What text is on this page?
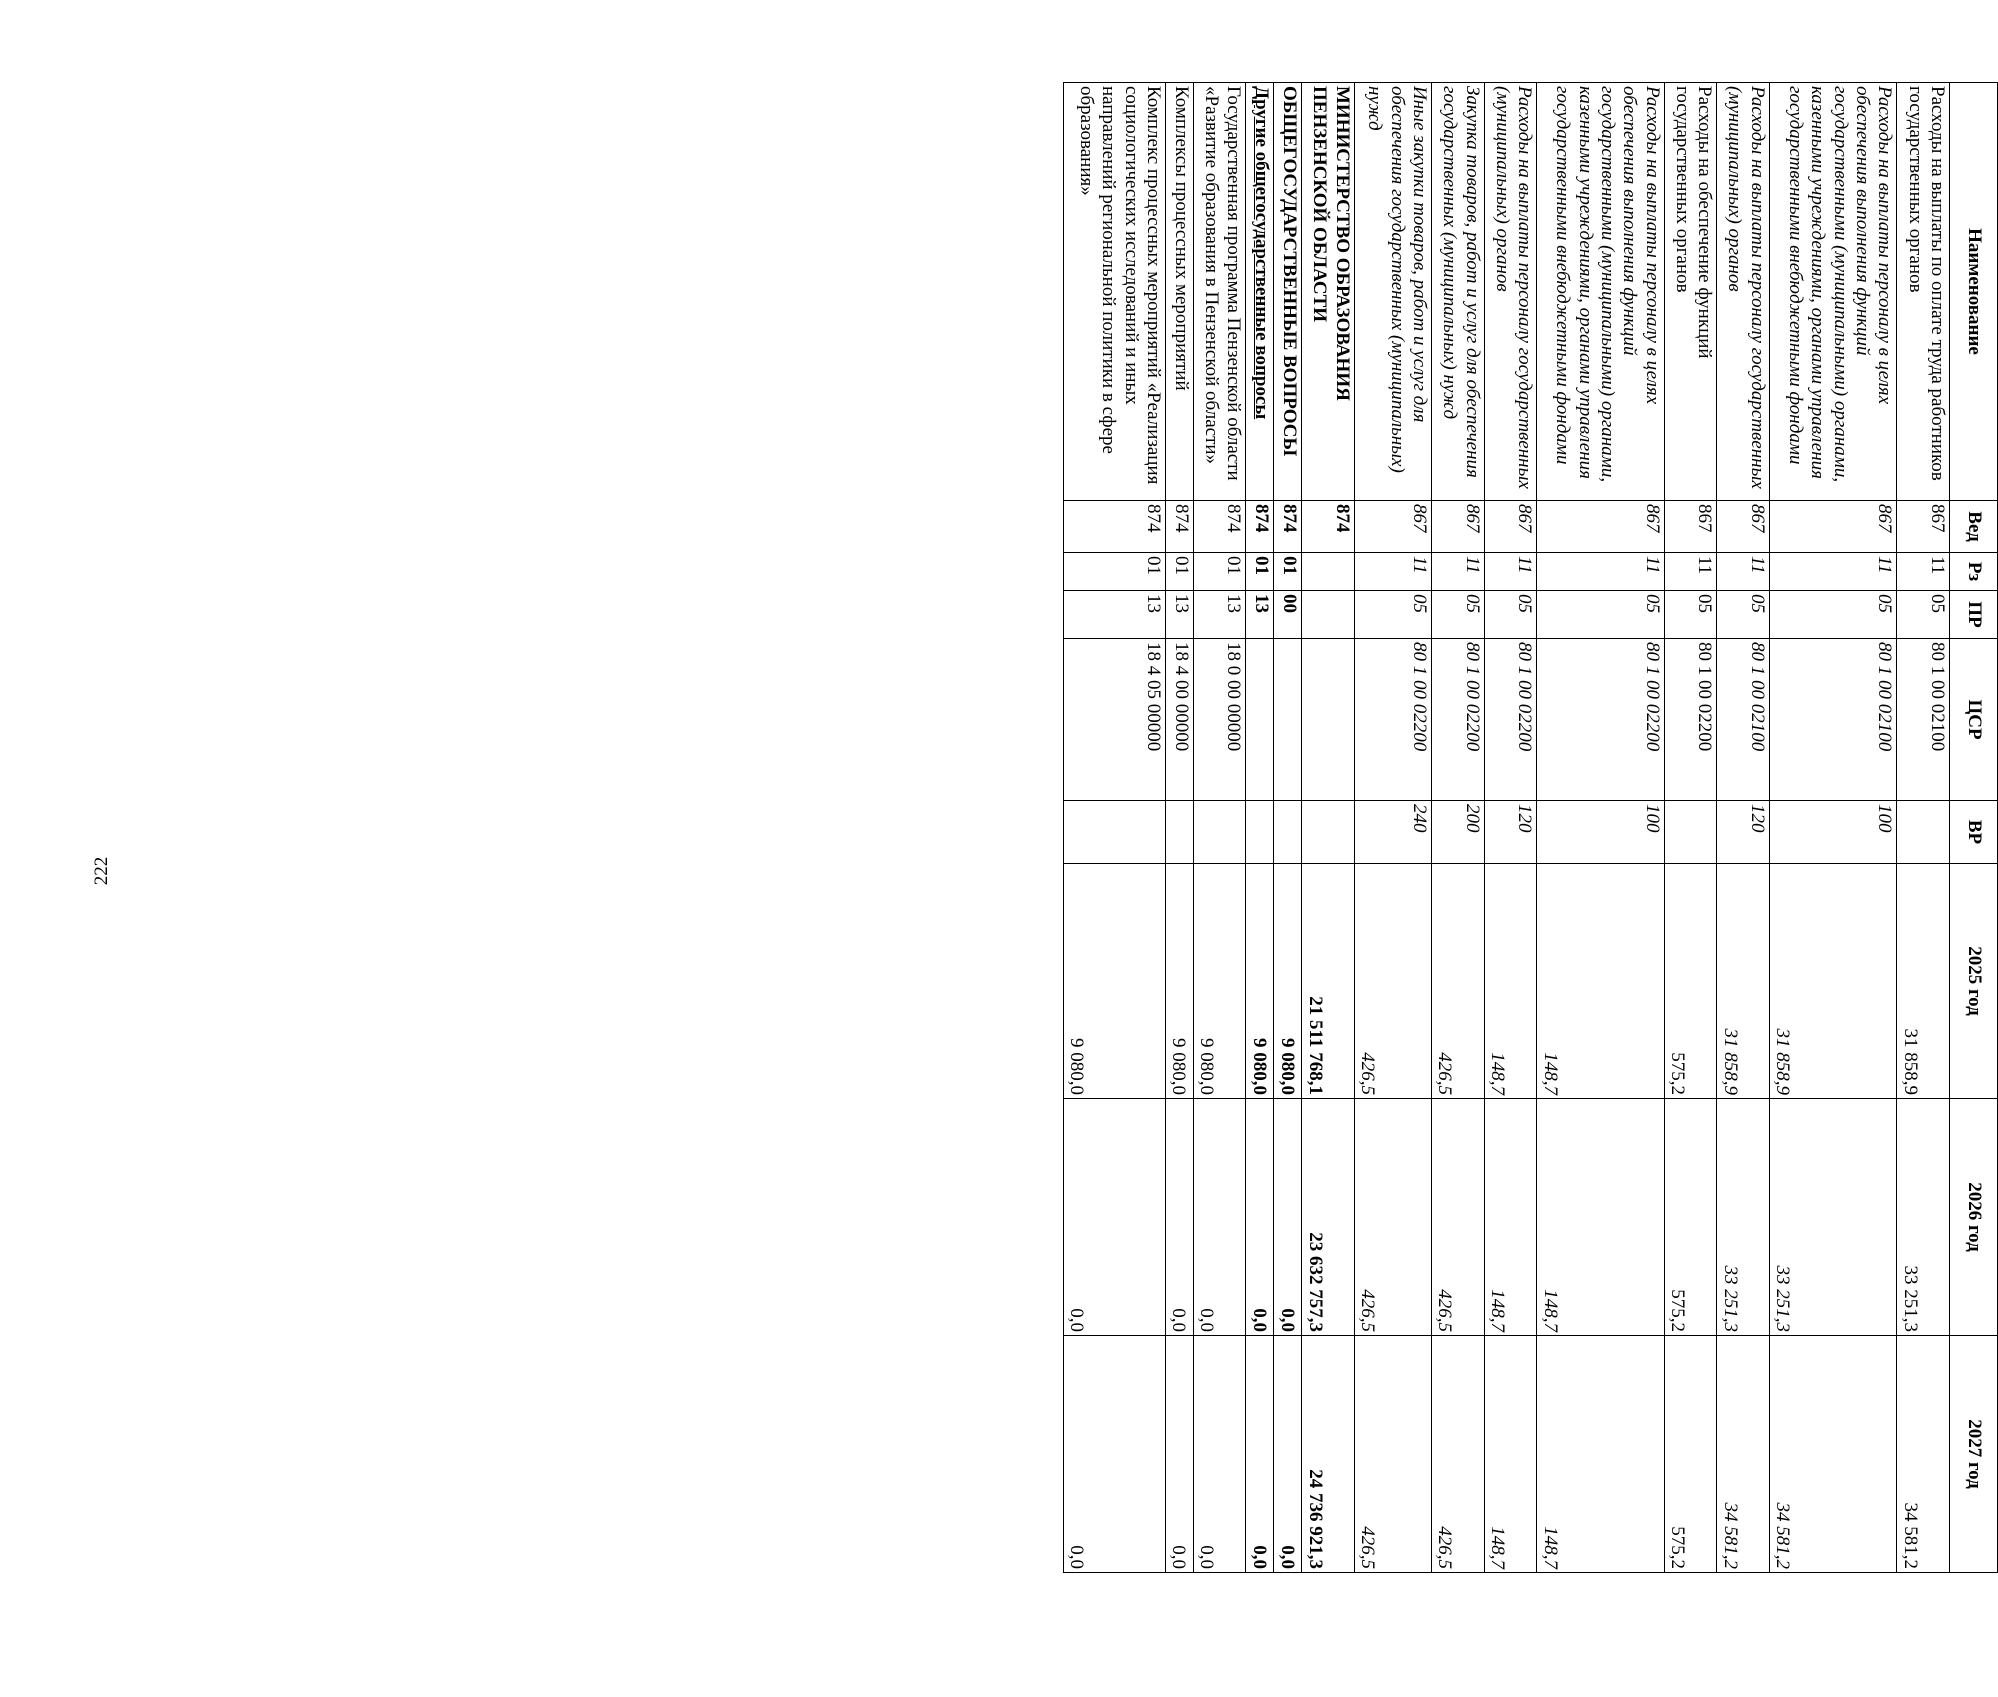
222
Наименование	Вед	Рз	ПР	ЦСР	ВР	2025 год	2026 год	2027 год
Расходы на выплаты по оплате труда работников государственных органов	867	11	05	80 1 00 02100		31 858,9	33 251,3	34 581,2
Расходы на выплаты персоналу в целях обеспечения выполнения функций государственными (муниципальными) органами, казенными учреждениями, органами управления государственными внебюджетными фондами	867	11	05	80 1 00 02100	100	31 858,9	33 251,3	34 581,2
Расходы на выплаты персоналу государственных (муниципальных) органов	867	11	05	80 1 00 02100	120	31 858,9	33 251,3	34 581,2
Расходы на обеспечение функций государственных органов	867	11	05	80 1 00 02200		575,2	575,2	575,2
Расходы на выплаты персоналу в целях обеспечения выполнения функций государственными (муниципальными) органами, казенными учреждениями, органами управления государственными внебюджетными фондами	867	11	05	80 1 00 02200	100	148,7	148,7	148,7
Расходы на выплаты персоналу государственных (муниципальных) органов	867	11	05	80 1 00 02200	120	148,7	148,7	148,7
Закупка товаров, работ и услуг для обеспечения государственных (муниципальных) нужд	867	11	05	80 1 00 02200	200	426,5	426,5	426,5
Иные закупки товаров, работ и услуг для обеспечения государственных (муниципальных) нужд	867	11	05	80 1 00 02200	240	426,5	426,5	426,5
МИНИСТЕРСТВО ОБРАЗОВАНИЯ ПЕНЗЕНСКОЙ ОБЛАСТИ	874					21 511 768,1	23 632 757,3	24 736 921,3
ОБЩЕГОСУДАРСТВЕННЫЕ ВОПРОСЫ	874	01	00			9 080,0	0,0	0,0
Другие общегосударственные вопросы	874	01	13			9 080,0	0,0	0,0
Государственная программа Пензенской области «Развитие образования в Пензенской области»	874	01	13	18 0 00 00000		9 080,0	0,0	0,0
Комплексы процессных мероприятий	874	01	13	18 4 00 00000		9 080,0	0,0	0,0
Комплекс процессных мероприятий «Реализация социологических исследований и иных направлений региональной политики в сфере образования»	874	01	13	18 4 05 00000		9 080,0	0,0	0,0
